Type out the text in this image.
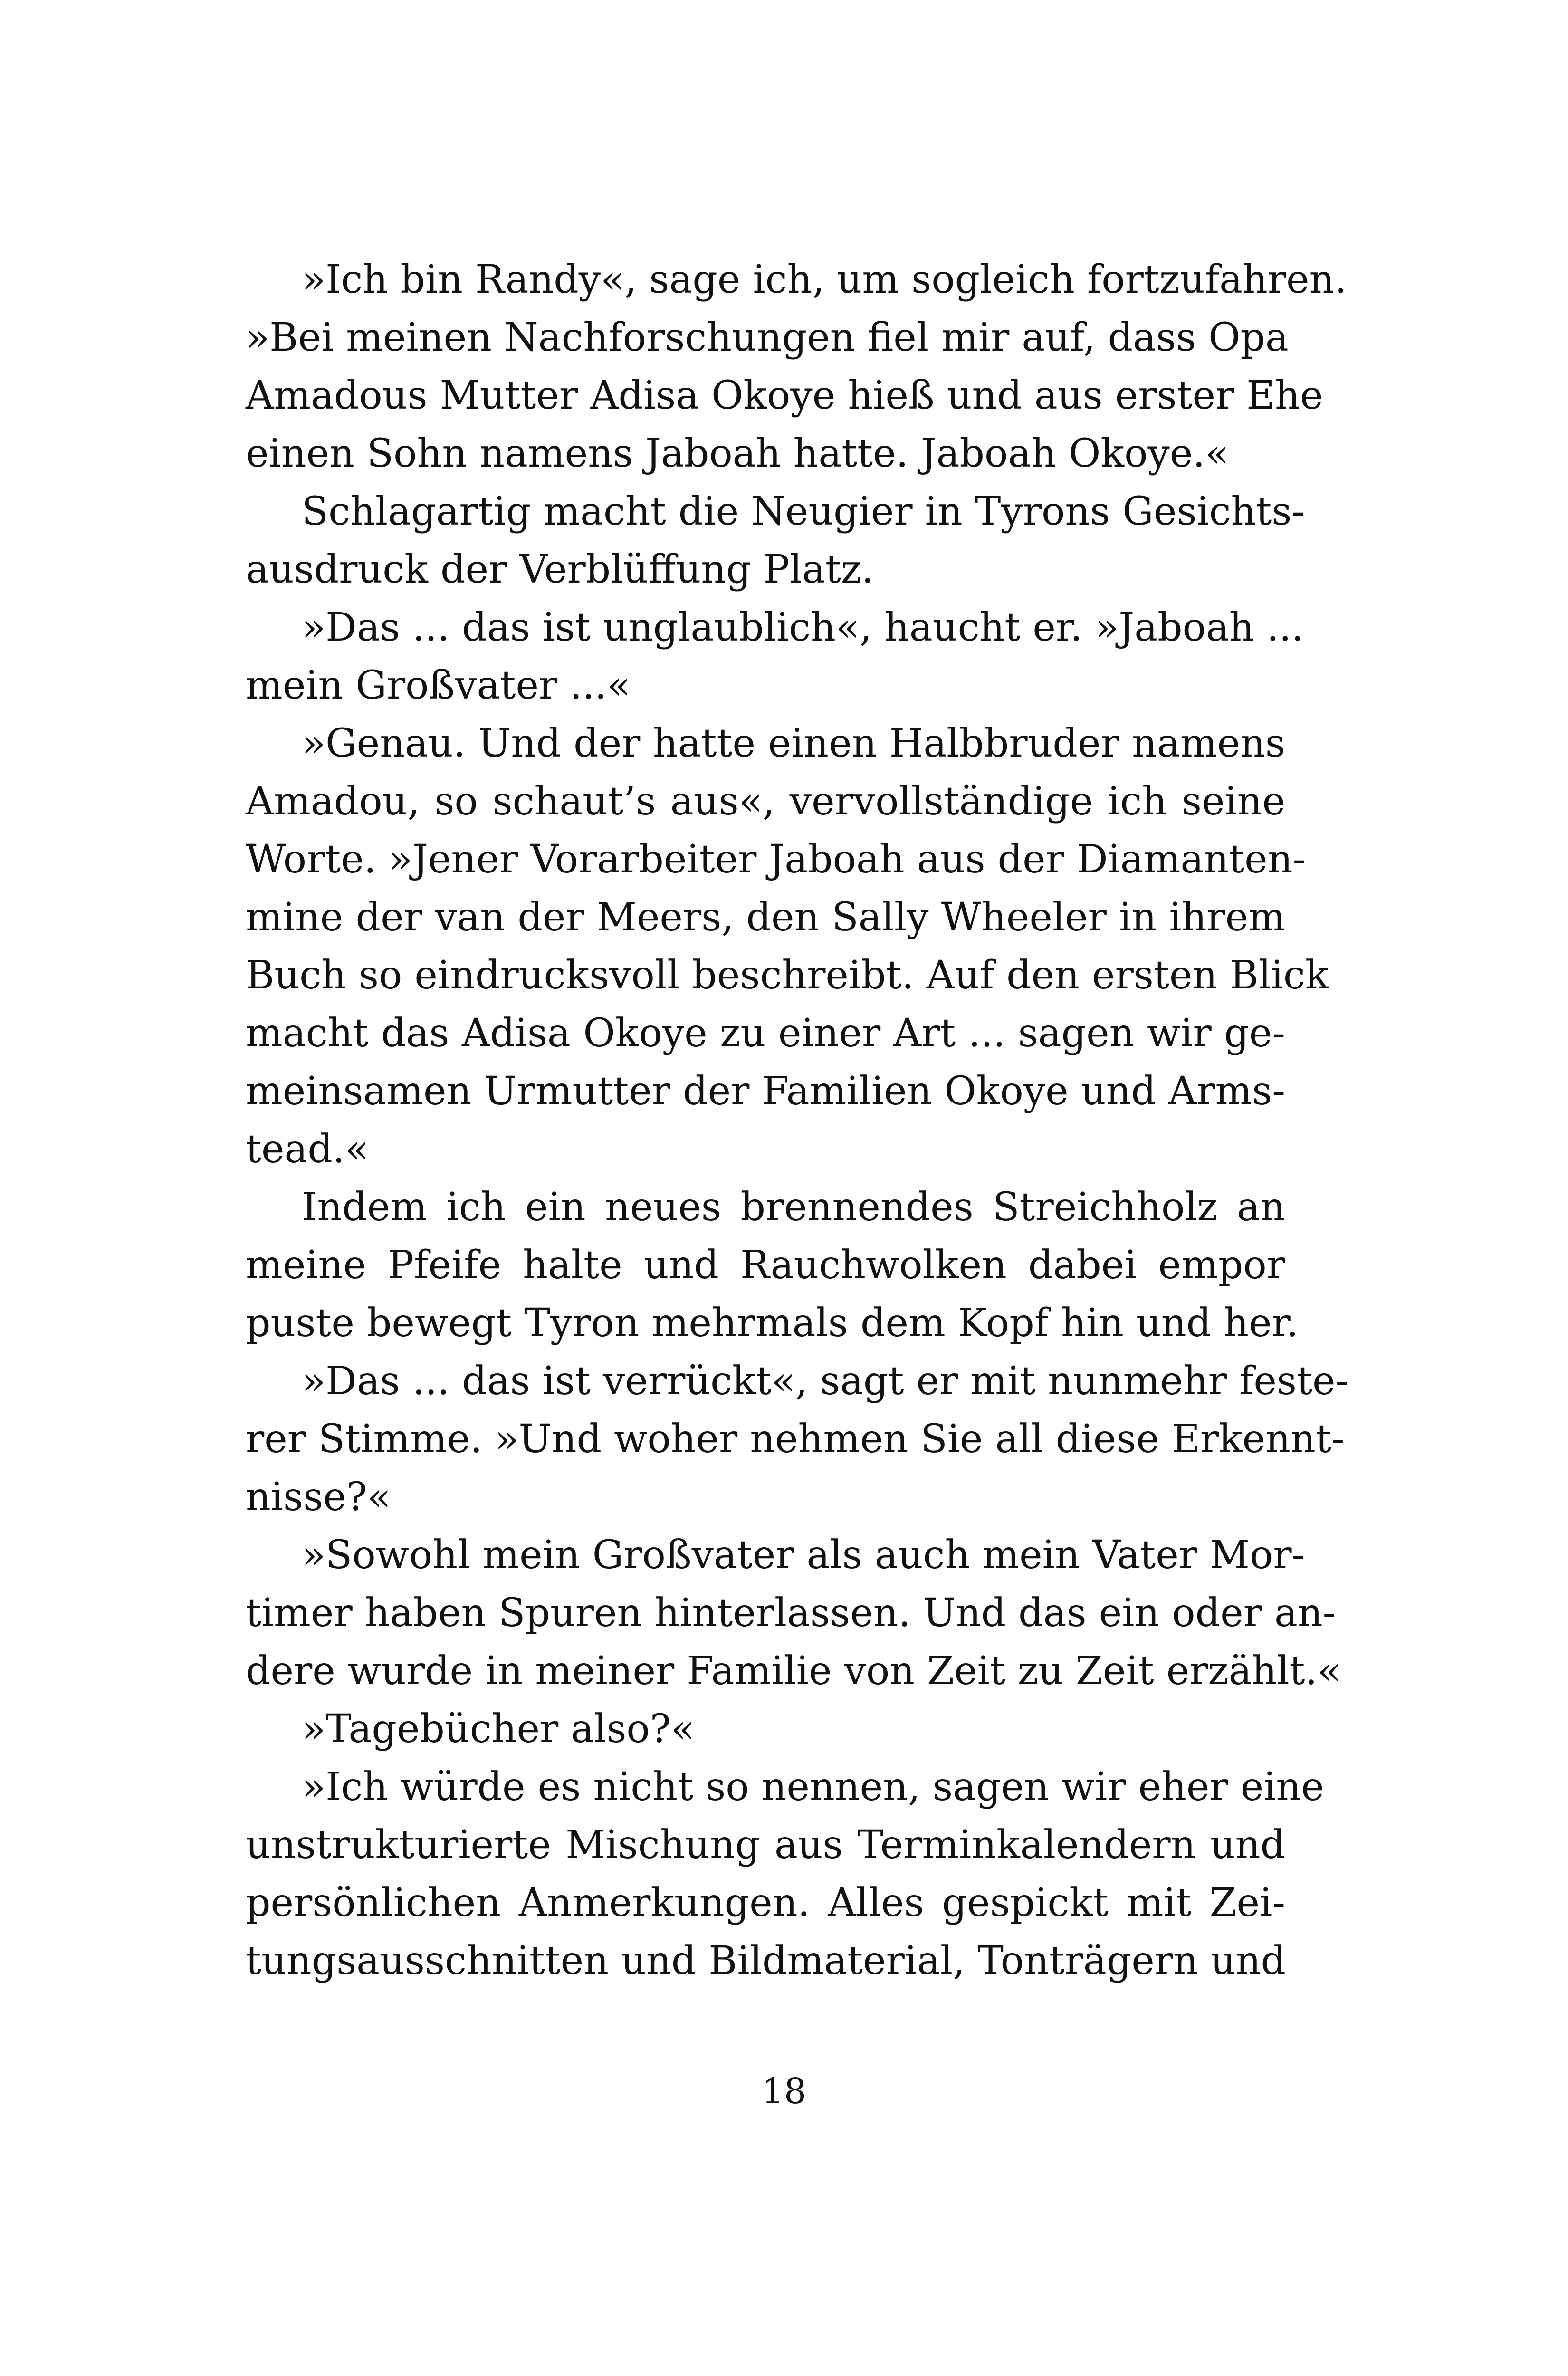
»Ich bin Randy«, sage ich, um sogleich fortzufahren.
»Bei meinen Nachforschungen fiel mir auf, dass Opa
Amadous Mutter Adisa Okoye hieß und aus erster Ehe
einen Sohn namens Jaboah hatte. Jaboah Okoye.«
Schlagartig macht die Neugier in Tyrons Gesichts-
ausdruck der Verblüffung Platz.
»Das ... das ist unglaublich«, haucht er. »Jaboah ...
mein Großvater ...«
»Genau. Und der hatte einen Halbbruder namens
Amadou, so schaut’s aus«, vervollständige ich seine
Worte. »Jener Vorarbeiter Jaboah aus der Diamanten-
mine der van der Meers, den Sally Wheeler in ihrem
Buch so eindrucksvoll beschreibt. Auf den ersten Blick
macht das Adisa Okoye zu einer Art ... sagen wir ge-
meinsamen Urmutter der Familien Okoye und Arms-
tead.«
Indem ich ein neues brennendes Streichholz an
meine Pfeife halte und Rauchwolken dabei empor
puste bewegt Tyron mehrmals dem Kopf hin und her.
»Das ... das ist verrückt«, sagt er mit nunmehr feste-
rer Stimme. »Und woher nehmen Sie all diese Erkennt-
nisse?«
»Sowohl mein Großvater als auch mein Vater Mor-
timer haben Spuren hinterlassen. Und das ein oder an-
dere wurde in meiner Familie von Zeit zu Zeit erzählt.«
»Tagebücher also?«
»Ich würde es nicht so nennen, sagen wir eher eine
unstrukturierte Mischung aus Terminkalendern und
persönlichen Anmerkungen. Alles gespickt mit Zei-
tungsausschnitten und Bildmaterial, Tonträgern und
18
